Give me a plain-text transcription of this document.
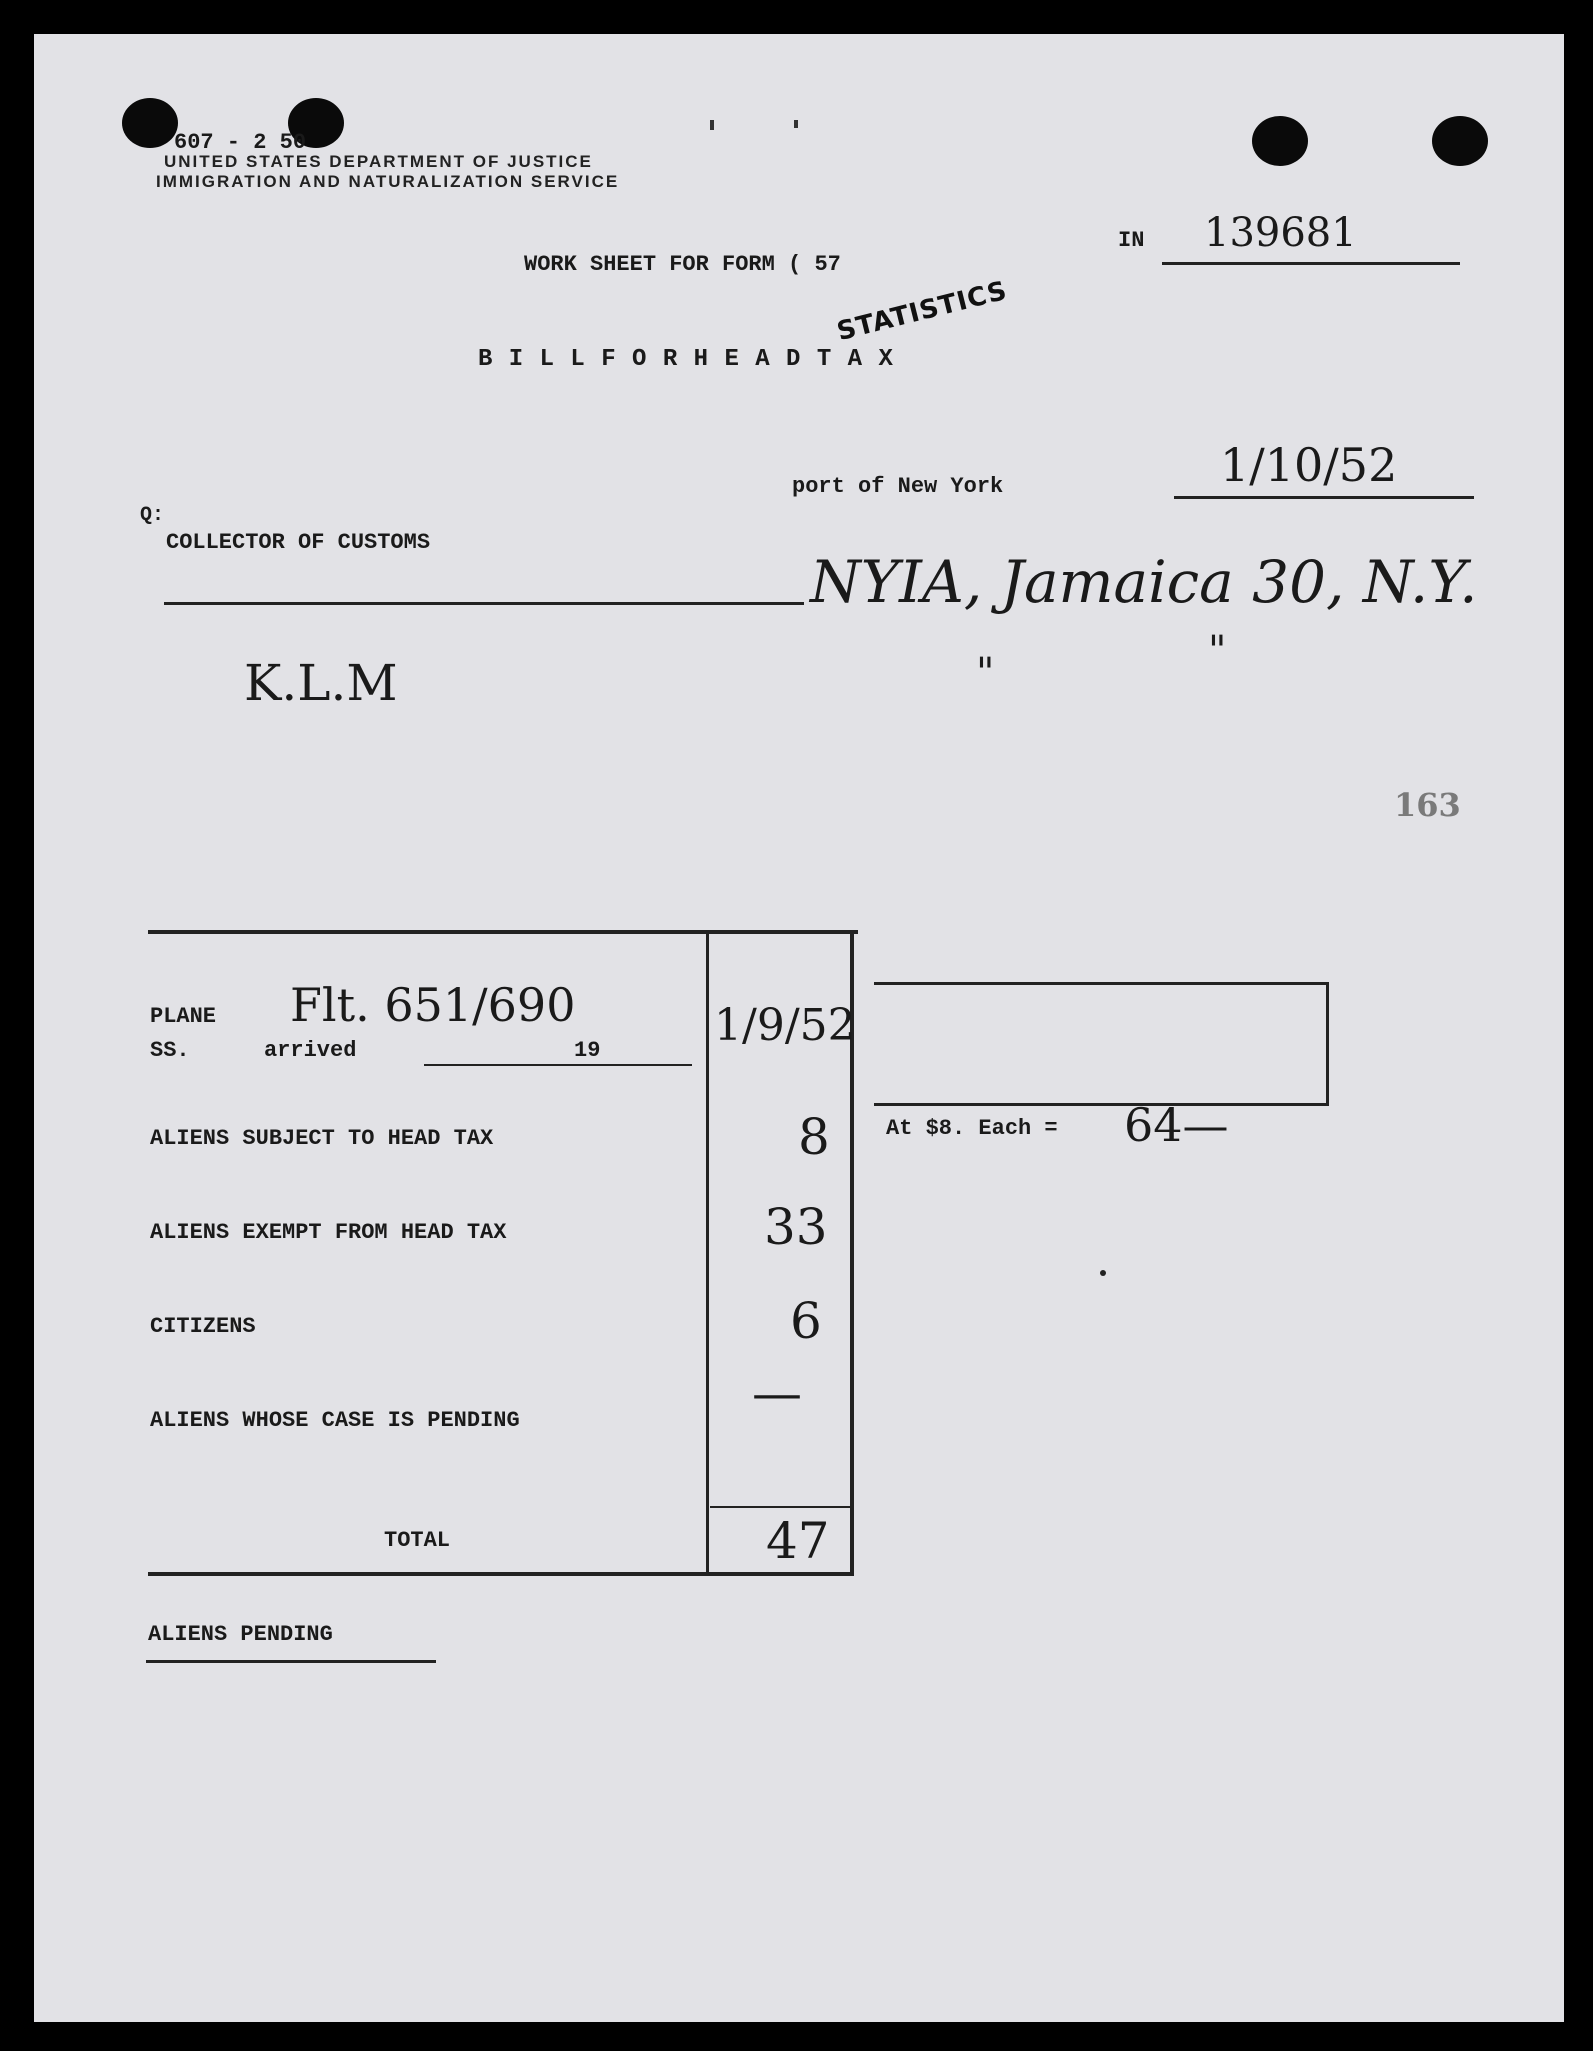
607 - 2 50
UNITED STATES DEPARTMENT OF JUSTICE
IMMIGRATION AND NATURALIZATION SERVICE
WORK SHEET FOR FORM ( 57
STATISTICS
B I L L F O R H E A D T A X
IN 139681
port of New York	1/10/52
Q:
COLLECTOR OF CUSTOMS
NYIA, Jamaica 30, N.Y.
"	"
K.L.M
163
PLANE
SS.	arrived
Flt. 651/690
19	1/9/52
ALIENS SUBJECT TO HEAD TAX	8
ALIENS EXEMPT FROM HEAD TAX	33
CITIZENS	6
ALIENS WHOSE CASE IS PENDING	—
TOTAL	47
At $8. Each = 64—
ALIENS PENDING
